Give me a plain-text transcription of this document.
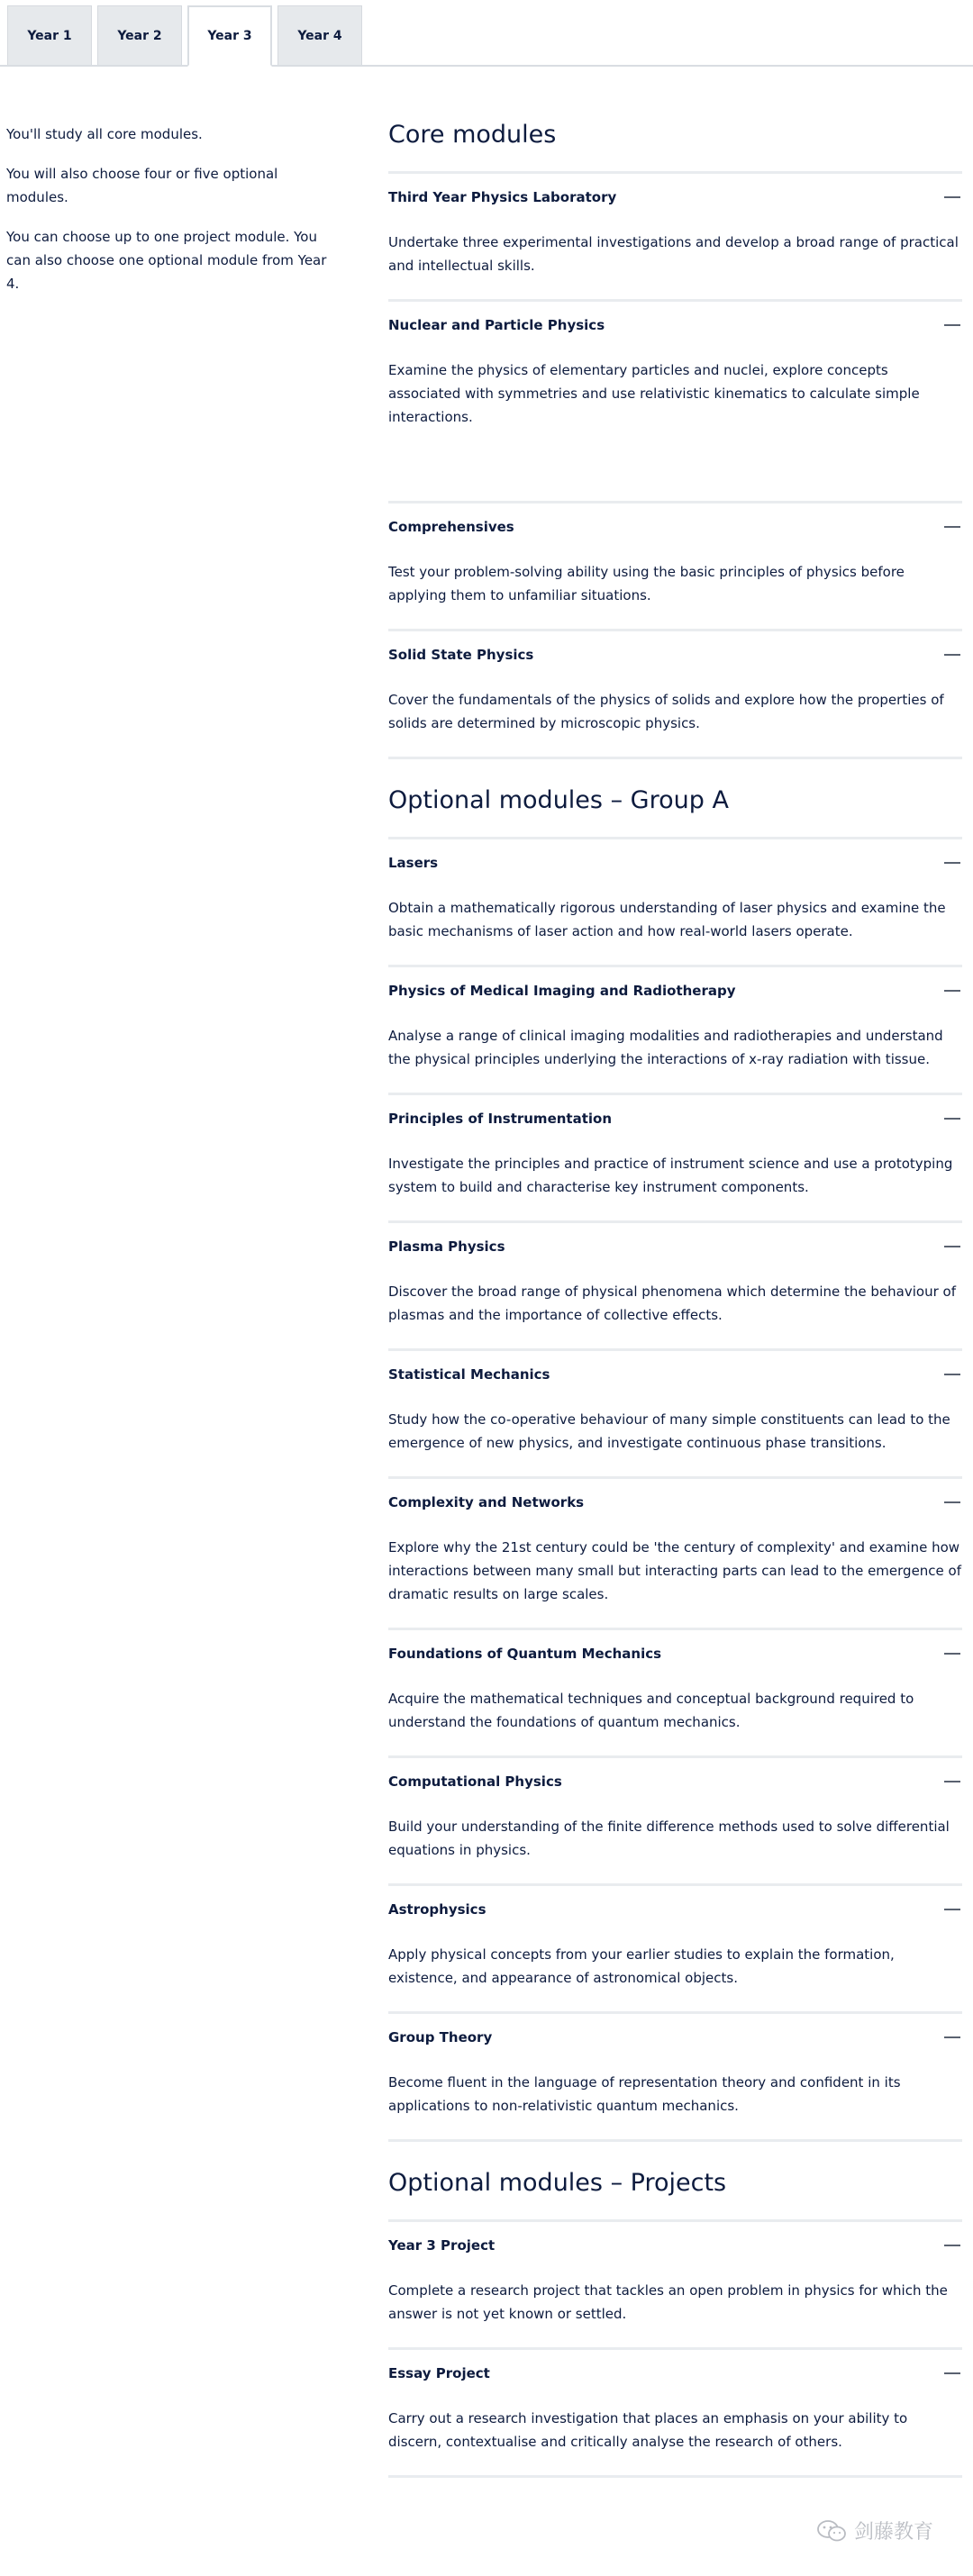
Year 1	Year 2	Year 3	Year 4

You'll study all core modules.

You will also choose four or five optional modules.

You can choose up to one project module. You can also choose one optional module from Year 4.

Core modules
Third Year Physics Laboratory

Undertake three experimental investigations and develop a broad range of practical and intellectual skills.

Nuclear and Particle Physics

Examine the physics of elementary particles and nuclei, explore concepts associated with symmetries and use relativistic kinematics to calculate simple interactions.

Comprehensives

Test your problem-solving ability using the basic principles of physics before applying them to unfamiliar situations.

Solid State Physics

Cover the fundamentals of the physics of solids and explore how the properties of solids are determined by microscopic physics.

Optional modules – Group A
Lasers

Obtain a mathematically rigorous understanding of laser physics and examine the basic mechanisms of laser action and how real-world lasers operate.

Physics of Medical Imaging and Radiotherapy

Analyse a range of clinical imaging modalities and radiotherapies and understand the physical principles underlying the interactions of x-ray radiation with tissue.

Principles of Instrumentation

Investigate the principles and practice of instrument science and use a prototyping system to build and characterise key instrument components.

Plasma Physics

Discover the broad range of physical phenomena which determine the behaviour of plasmas and the importance of collective effects.

Statistical Mechanics

Study how the co-operative behaviour of many simple constituents can lead to the emergence of new physics, and investigate continuous phase transitions.

Complexity and Networks

Explore why the 21st century could be 'the century of complexity' and examine how interactions between many small but interacting parts can lead to the emergence of dramatic results on large scales.

Foundations of Quantum Mechanics

Acquire the mathematical techniques and conceptual background required to understand the foundations of quantum mechanics.

Computational Physics

Build your understanding of the finite difference methods used to solve differential equations in physics.

Astrophysics

Apply physical concepts from your earlier studies to explain the formation, existence, and appearance of astronomical objects.

Group Theory

Become fluent in the language of representation theory and confident in its applications to non-relativistic quantum mechanics.

Optional modules – Projects
Year 3 Project

Complete a research project that tackles an open problem in physics for which the answer is not yet known or settled.

Essay Project

Carry out a research investigation that places an emphasis on your ability to discern, contextualise and critically analyse the research of others.

剑藤教育
